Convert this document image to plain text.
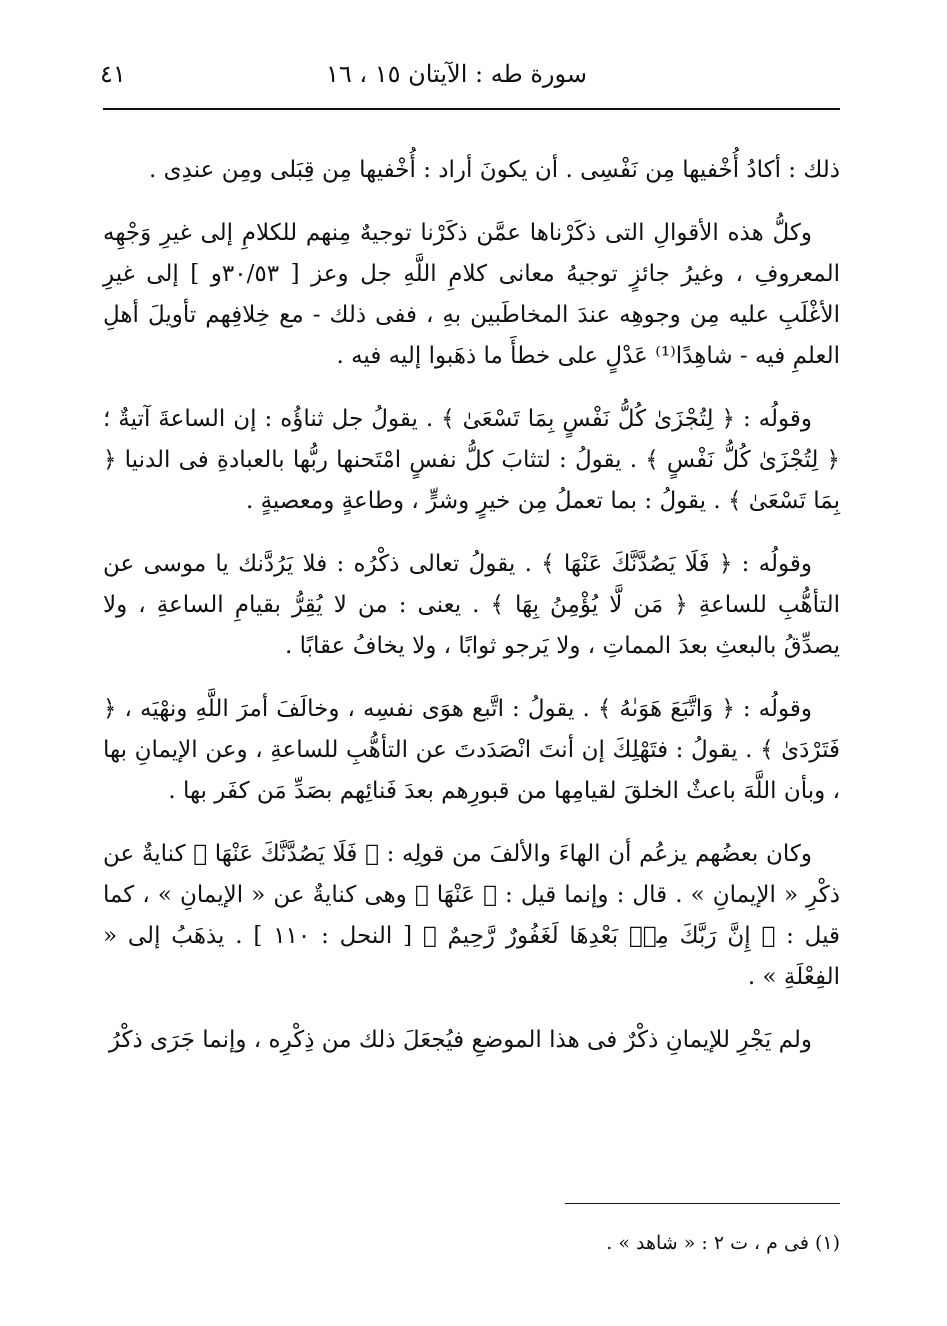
سورة طه : الآيتان ١٥ ، ١٦
٤١

ذلك : أكادُ أُخْفيها مِن نَفْسِى . أن يكونَ أراد : أُخْفيها مِن قِبَلى ومِن عندِى .

وكلُّ هذه الأقوالِ التى ذكَرْناها عمَّن ذكَرْنا توجيهٌ مِنهم للكلامِ إلى غيرِ وَجْهِه المعروفِ ، وغيرُ جائزٍ توجيهُ معانى كلامِ اللَّهِ جل وعز [ ٣٠/٥٣و ] إلى غيرِ الأغْلَبِ عليه مِن وجوهِه عندَ المخاطَبين بهِ ، ففى ذلك - مع خِلافِهم تأويلَ أهلِ العلمِ فيه - شاهِدًا⁽¹⁾ عَدْلٍ على خطأَ ما ذهَبوا إليه فيه .

وقولُه : ﴿ لِتُجْزَىٰ كُلُّ نَفْسٍ بِمَا تَسْعَىٰ ﴾ . يقولُ جل ثناؤُه : إن الساعةَ آتيةٌ ؛ ﴿ لِتُجْزَىٰ كُلُّ نَفْسٍ ﴾ . يقولُ : لتثابَ كلُّ نفسٍ امْتَحنها ربُّها بالعبادةِ فى الدنيا ﴿ بِمَا تَسْعَىٰ ﴾ . يقولُ : بما تعملُ مِن خيرٍ وشرٍّ ، وطاعةٍ ومعصيةٍ .

وقولُه : ﴿ فَلَا يَصُدَّنَّكَ عَنْهَا ﴾ . يقولُ تعالى ذكْرُه : فلا يَرُدَّنك يا موسى عن التأهُّبِ للساعةِ ﴿ مَن لَّا يُؤْمِنُ بِهَا ﴾ . يعنى : من لا يُقِرُّ بقيامِ الساعةِ ، ولا يصدِّقُ بالبعثِ بعدَ المماتِ ، ولا يَرجو ثوابًا ، ولا يخافُ عقابًا .

وقولُه : ﴿ وَاتَّبَعَ هَوَىٰهُ ﴾ . يقولُ : اتَّبع هوَى نفسِه ، وخالَفَ أمرَ اللَّهِ ونهْيَه ، ﴿ فَتَرْدَىٰ ﴾ . يقولُ : فتَهْلِكَ إن أنتَ انْصَدَدتَ عن التأهُّبِ للساعةِ ، وعن الإيمانِ بها ، وبأن اللَّهَ باعثٌ الخلقَ لقيامِها من قبورِهم بعدَ فَنائِهم بصَدِّ مَن كفَر بها .

وكان بعضُهم يزعُم أن الهاءَ والألفَ من قولِه : ﴿ فَلَا يَصُدَّنَّكَ عَنْهَا ﴾ كنايةٌ عن ذكْرِ « الإيمانِ » . قال : وإنما قيل : ﴿ عَنْهَا ﴾ وهى كنايةٌ عن « الإيمانِ » ، كما قيل : ﴿ إِنَّ رَبَّكَ مِنۢ بَعْدِهَا لَغَفُورٌ رَّحِيمٌ ﴾ [ النحل : ١١٠ ] . يذهَبُ إلى « الفِعْلَةِ » .

ولم يَجْرِ للإيمانِ ذكْرٌ فى هذا الموضعِ فيُجعَلَ ذلك من ذِكْرِه ، وإنما جَرَى ذكْرُ

(١) فى م ، ت ٢ : « شاهد » .
